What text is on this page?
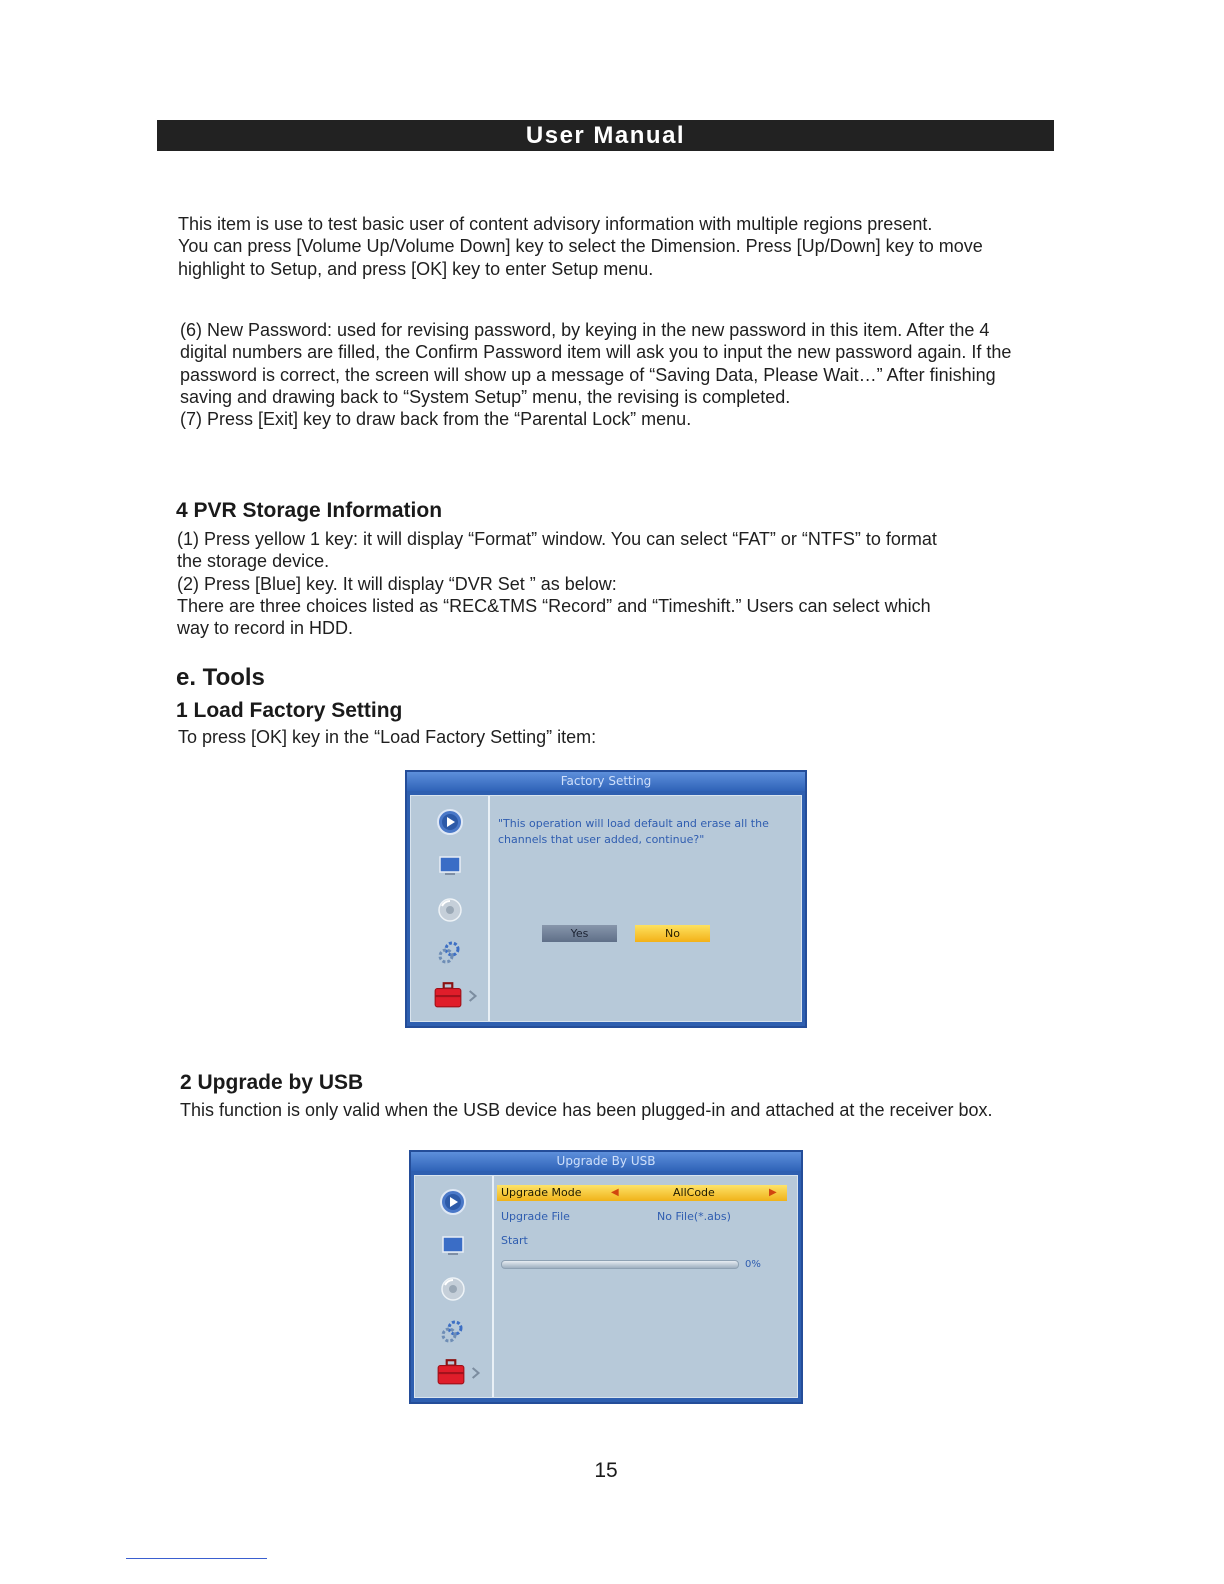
User Manual
This item is use to test basic user of content advisory information with multiple regions present.
You can press [Volume Up/Volume Down] key to select the Dimension. Press [Up/Down] key to move
highlight to Setup, and press [OK] key to enter Setup menu.
(6) New Password: used for revising password, by keying in the new password in this item. After the 4
digital numbers are filled, the Confirm Password item will ask you to input the new password again. If the
password is correct, the screen will show up a message of “Saving Data, Please Wait…” After finishing
saving and drawing back to “System Setup” menu, the revising is completed.
(7) Press [Exit] key to draw back from the “Parental Lock” menu.
4 PVR Storage Information
(1) Press yellow 1 key: it will display “Format” window. You can select “FAT” or “NTFS” to format
the storage device.
(2) Press [Blue] key. It will display “DVR Set ” as below:
There are three choices listed as “REC&TMS “Record” and “Timeshift.” Users can select which
way to record in HDD.
e. Tools
1 Load Factory Setting
To press [OK] key in the “Load Factory Setting” item:
Factory Setting
"This operation will load default and erase all the
channels that user added, continue?"
Yes	No
2 Upgrade by USB
This function is only valid when the USB device has been plugged-in and attached at the receiver box.
Upgrade By USB
Upgrade Mode	◀	AllCode	▶
Upgrade File	No File(*.abs)
Start
0%
15
